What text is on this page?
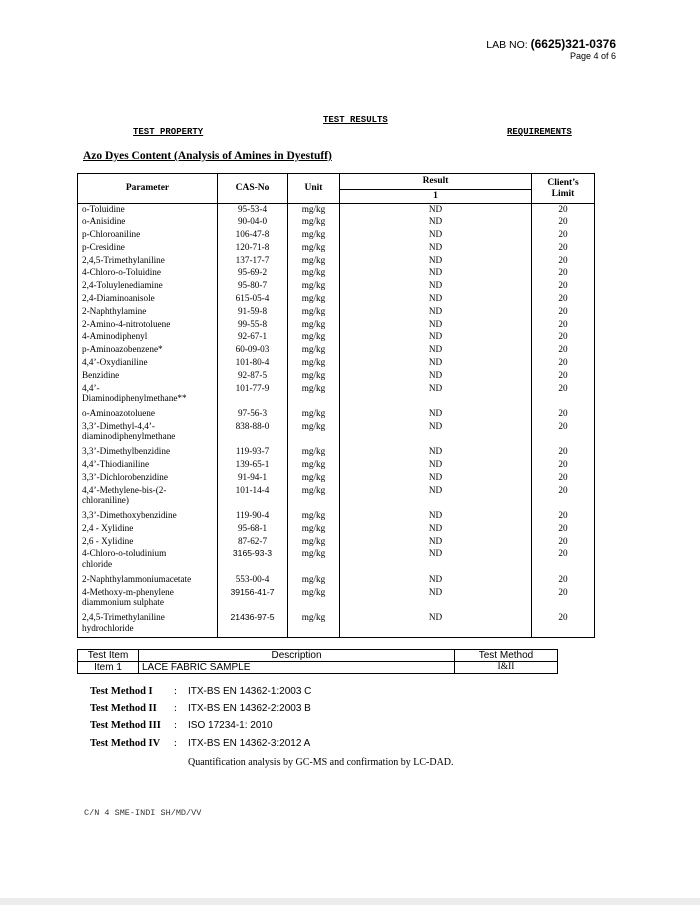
LAB NO: (6625)321-0376
Page 4 of 6
TEST RESULTS
TEST PROPERTY	REQUIREMENTS
Azo Dyes Content (Analysis of Amines in Dyestuff)
Parameter	CAS-No	Unit	Result	Client’s Limit
			1	
o-Toluidine	95-53-4	mg/kg	ND	20
o-Anisidine	90-04-0	mg/kg	ND	20
p-Chloroaniline	106-47-8	mg/kg	ND	20
p-Cresidine	120-71-8	mg/kg	ND	20
2,4,5-Trimethylaniline	137-17-7	mg/kg	ND	20
4-Chloro-o-Toluidine	95-69-2	mg/kg	ND	20
2,4-Toluylenediamine	95-80-7	mg/kg	ND	20
2,4-Diaminoanisole	615-05-4	mg/kg	ND	20
2-Naphthylamine	91-59-8	mg/kg	ND	20
2-Amino-4-nitrotoluene	99-55-8	mg/kg	ND	20
4-Aminodiphenyl	92-67-1	mg/kg	ND	20
p-Aminoazobenzene*	60-09-03	mg/kg	ND	20
4,4’-Oxydianiline	101-80-4	mg/kg	ND	20
Benzidine	92-87-5	mg/kg	ND	20
4,4’-
Diaminodiphenylmethane**	101-77-9	mg/kg	ND	20
o-Aminoazotoluene	97-56-3	mg/kg	ND	20
3,3’-Dimethyl-4,4’-
diaminodiphenylmethane	838-88-0	mg/kg	ND	20
3,3’-Dimethylbenzidine	119-93-7	mg/kg	ND	20
4,4’-Thiodianiline	139-65-1	mg/kg	ND	20
3,3’-Dichlorobenzidine	91-94-1	mg/kg	ND	20
4,4’-Methylene-bis-(2-
chloraniline)	101-14-4	mg/kg	ND	20
3,3’-Dimethoxybenzidine	119-90-4	mg/kg	ND	20
2,4 - Xylidine	95-68-1	mg/kg	ND	20
2,6 - Xylidine	87-62-7	mg/kg	ND	20
4-Chloro-o-toludinium
chloride	3165-93-3	mg/kg	ND	20
2-Naphthylammoniumacetate	553-00-4	mg/kg	ND	20
4-Methoxy-m-phenylene
diammonium sulphate	39156-41-7	mg/kg	ND	20
2,4,5-Trimethylaniline
hydrochloride	21436-97-5	mg/kg	ND	20
Test Item	Description	Test Method
Item 1	LACE FABRIC SAMPLE	I&II
Test Method I : ITX-BS EN 14362-1:2003 C
Test Method II : ITX-BS EN 14362-2:2003 B
Test Method III : ISO 17234-1: 2010
Test Method IV : ITX-BS EN 14362-3:2012 A
Quantification analysis by GC-MS and confirmation by LC-DAD.
C/N 4 SME-INDI SH/MD/VV
